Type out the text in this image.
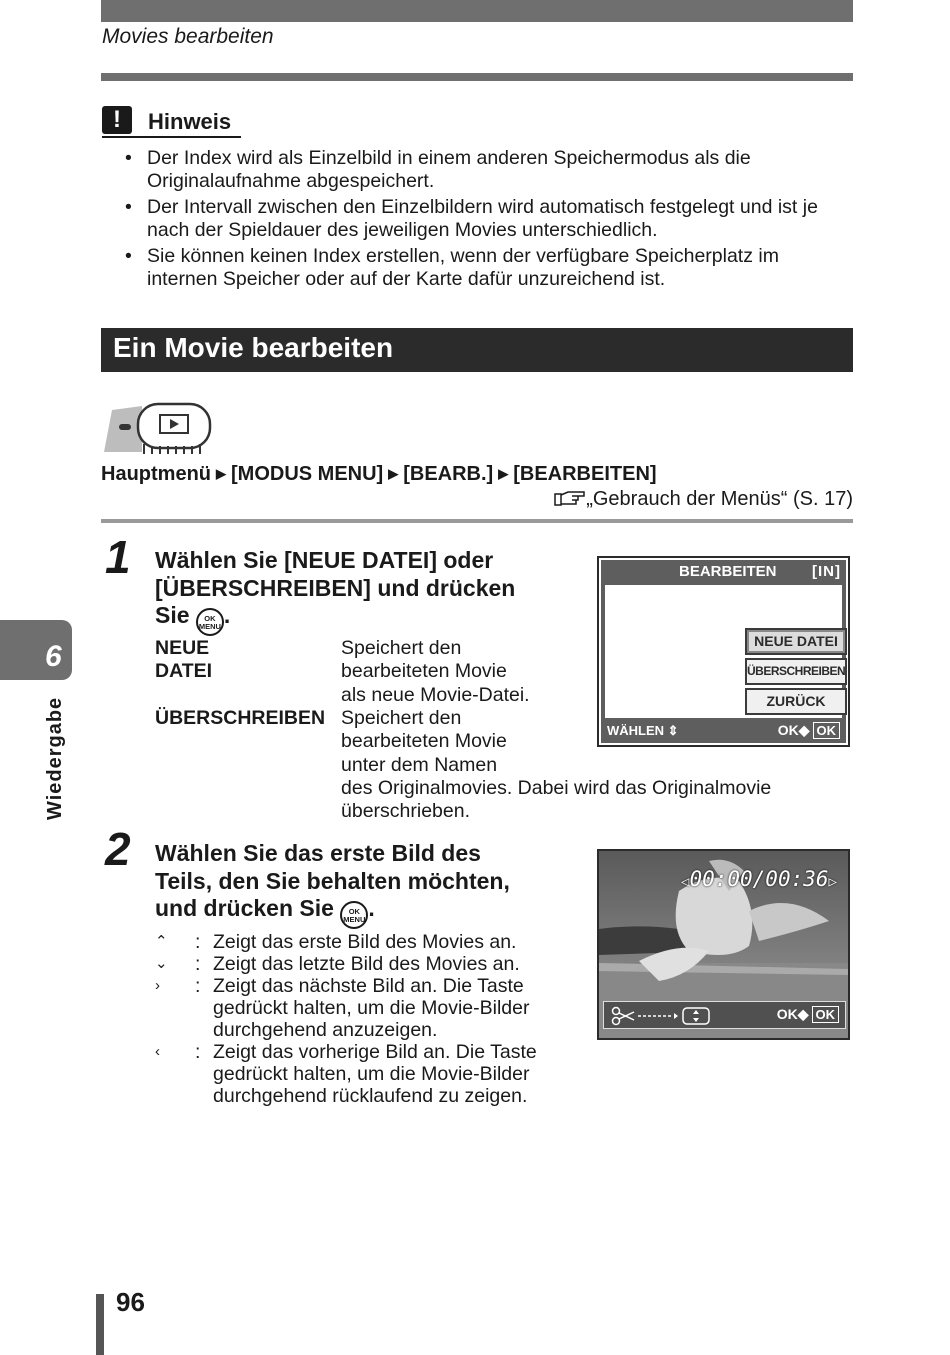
Movies bearbeiten
!	Hinweis
• Der Index wird als Einzelbild in einem anderen Speichermodus als die
Originalaufnahme abgespeichert.
• Der Intervall zwischen den Einzelbildern wird automatisch festgelegt und ist je
nach der Spieldauer des jeweiligen Movies unterschiedlich.
• Sie können keinen Index erstellen, wenn der verfügbare Speicherplatz im
internen Speicher oder auf der Karte dafür unzureichend ist.
Ein Movie bearbeiten
Hauptmenü ▶ [MODUS MENU] ▶ [BEARB.] ▶ [BEARBEITEN]
„Gebrauch der Menüs“ (S. 17)
1 Wählen Sie [NEUE DATEI] oder
[ÜBERSCHREIBEN] und drücken
Sie OK
MENU .
NEUE DATEI
Speichert den
bearbeiteten Movie
als neue Movie-Datei.
ÜBERSCHREIBEN Speichert den
bearbeiteten Movie
unter dem Namen
des Originalmovies. Dabei wird das Originalmovie
überschrieben.
BEARBEITEN [IN]
NEUE DATEI
ÜBERSCHREIBEN
ZURÜCK
WÄHLEN ⇕	OK◆ OK
2 Wählen Sie das erste Bild des
Teils, den Sie behalten möchten,
und drücken Sie OK
MENU .
⌃ : Zeigt das erste Bild des Movies an.
⌄ : Zeigt das letzte Bild des Movies an.
› : Zeigt das nächste Bild an. Die Taste
gedrückt halten, um die Movie-Bilder
durchgehend anzuzeigen.
‹ : Zeigt das vorherige Bild an. Die Taste
gedrückt halten, um die Movie-Bilder
durchgehend rücklaufend zu zeigen.
◁00:00/00:36▷
OK◆ OK
6
Wiedergabe
96
